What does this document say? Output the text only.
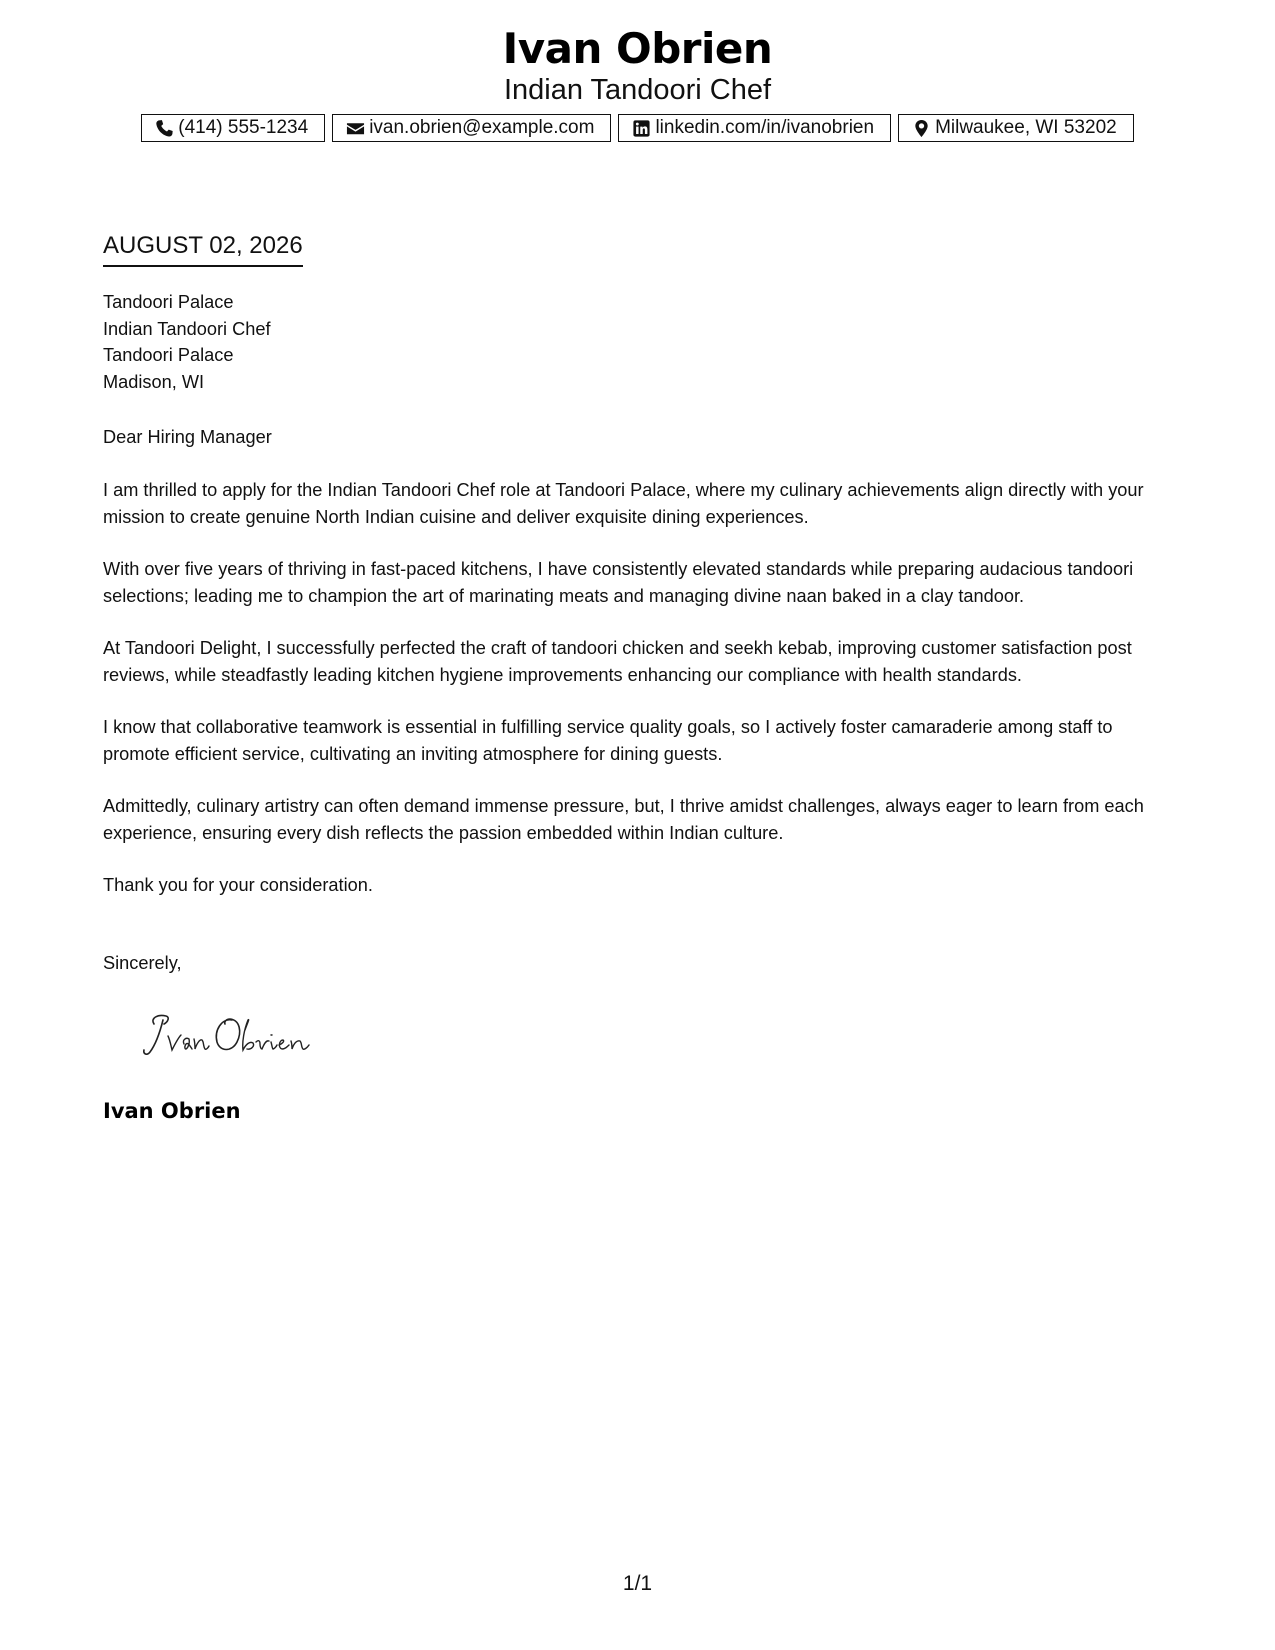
Ivan Obrien
Indian Tandoori Chef
(414) 555-1234	ivan.obrien@example.com	linkedin.com/in/ivanobrien	Milwaukee, WI 53202
AUGUST 02, 2026
Tandoori Palace
Indian Tandoori Chef
Tandoori Palace
Madison, WI
Dear Hiring Manager
I am thrilled to apply for the Indian Tandoori Chef role at Tandoori Palace, where my culinary achievements align directly with your mission to create genuine North Indian cuisine and deliver exquisite dining experiences.
With over five years of thriving in fast-paced kitchens, I have consistently elevated standards while preparing audacious tandoori selections; leading me to champion the art of marinating meats and managing divine naan baked in a clay tandoor.
At Tandoori Delight, I successfully perfected the craft of tandoori chicken and seekh kebab, improving customer satisfaction post reviews, while steadfastly leading kitchen hygiene improvements enhancing our compliance with health standards.
I know that collaborative teamwork is essential in fulfilling service quality goals, so I actively foster camaraderie among staff to promote efficient service, cultivating an inviting atmosphere for dining guests.
Admittedly, culinary artistry can often demand immense pressure, but, I thrive amidst challenges, always eager to learn from each experience, ensuring every dish reflects the passion embedded within Indian culture.
Thank you for your consideration.
Sincerely,
Ivan Obrien
1/1
